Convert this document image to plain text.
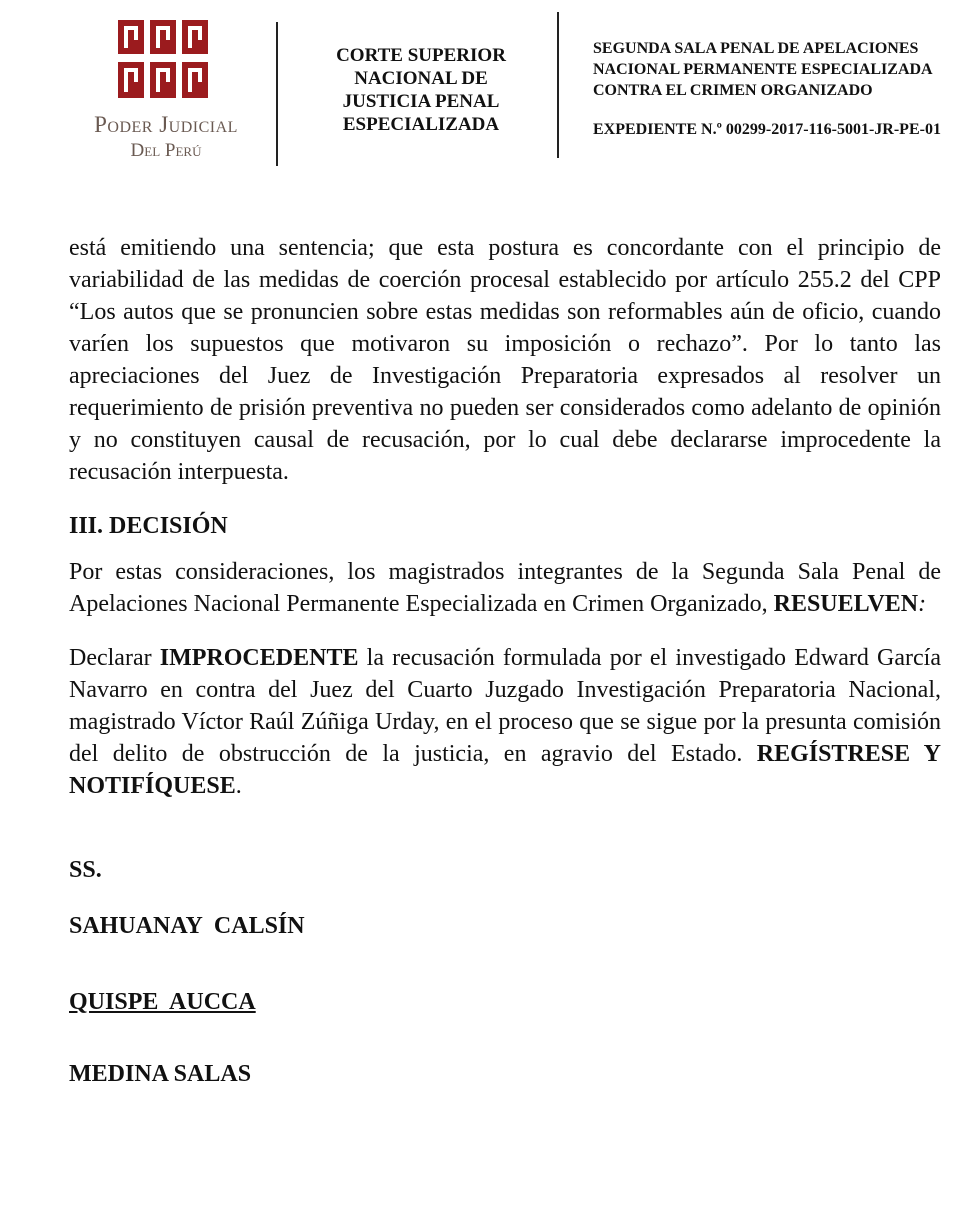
Poder Judicial
Del Perú
CORTE SUPERIOR
NACIONAL DE
JUSTICIA PENAL
ESPECIALIZADA
SEGUNDA SALA PENAL DE APELACIONES
NACIONAL PERMANENTE ESPECIALIZADA
CONTRA EL CRIMEN ORGANIZADO
EXPEDIENTE N.º 00299-2017-116-5001-JR-PE-01

está emitiendo una sentencia; que esta postura es concordante con el principio de variabilidad de las medidas de coerción procesal establecido por artículo 255.2 del CPP “Los autos que se pronuncien sobre estas medidas son reformables aún de oficio, cuando varíen los supuestos que motivaron su imposición o rechazo”. Por lo tanto las apreciaciones del Juez de Investigación Preparatoria expresados al resolver un requerimiento de prisión preventiva no pueden ser considerados como adelanto de opinión y no constituyen causal de recusación, por lo cual debe declararse improcedente la recusación interpuesta.

III. DECISIÓN

Por estas consideraciones, los magistrados integrantes de la Segunda Sala Penal de Apelaciones Nacional Permanente Especializada en Crimen Organizado, RESUELVEN:

Declarar IMPROCEDENTE la recusación formulada por el investigado Edward García Navarro en contra del Juez del Cuarto Juzgado Investigación Preparatoria Nacional, magistrado Víctor Raúl Zúñiga Urday, en el proceso que se sigue por la presunta comisión del delito de obstrucción de la justicia, en agravio del Estado. REGÍSTRESE Y NOTIFÍQUESE.

SS.

SAHUANAY  CALSÍN

QUISPE  AUCCA

MEDINA SALAS
